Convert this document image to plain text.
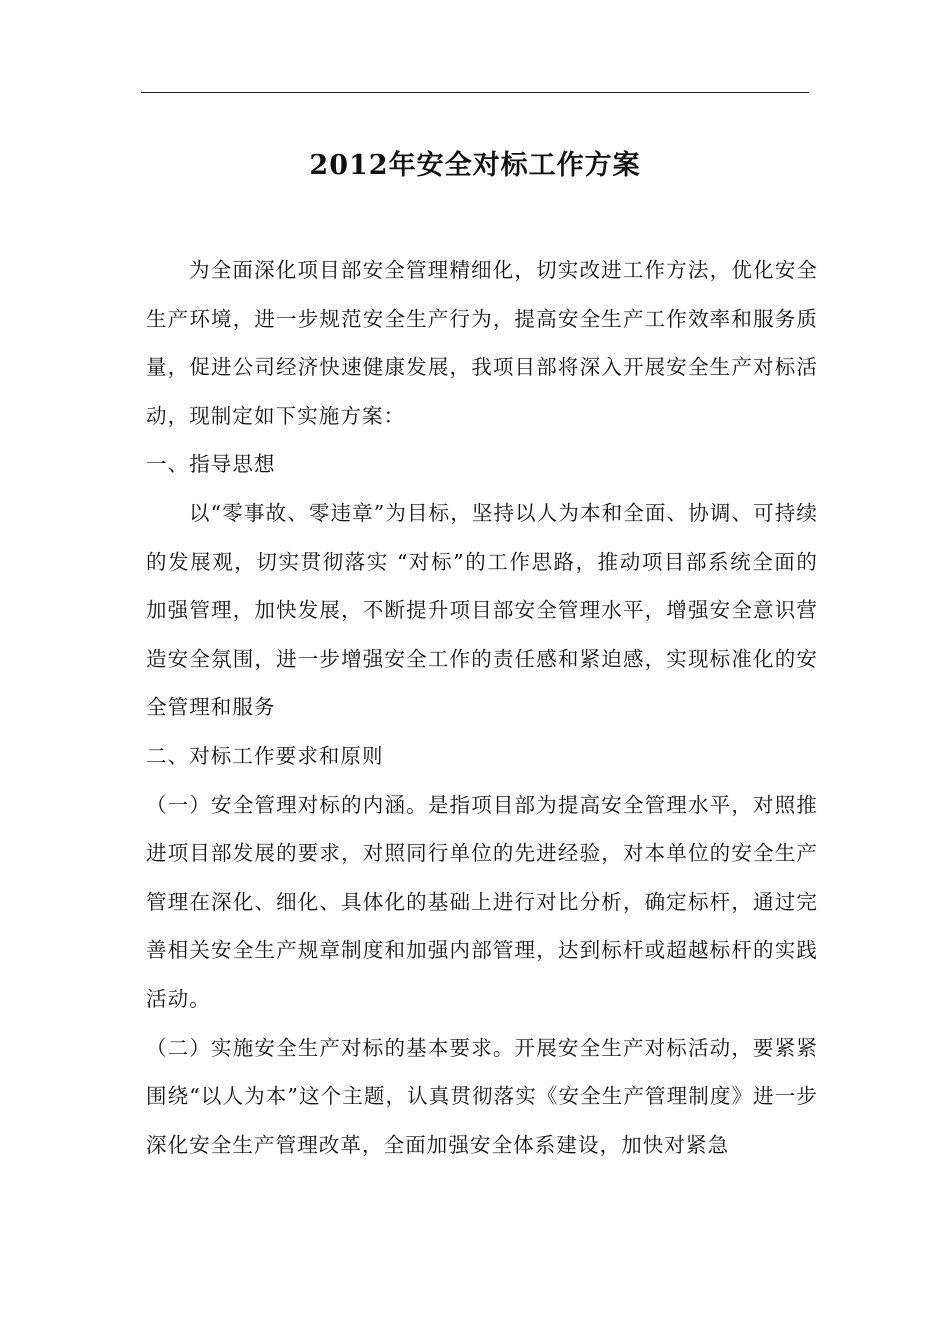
2012年安全对标工作方案

为全面深化项目部安全管理精细化，切实改进工作方法，优化安全生产环境，进一步规范安全生产行为，提高安全生产工作效率和服务质量，促进公司经济快速健康发展，我项目部将深入开展安全生产对标活动，现制定如下实施方案：

一、指导思想

以“零事故、零违章”为目标，坚持以人为本和全面、协调、可持续的发展观，切实贯彻落实 “对标”的工作思路，推动项目部系统全面的加强管理，加快发展，不断提升项目部安全管理水平，增强安全意识营造安全氛围，进一步增强安全工作的责任感和紧迫感，实现标准化的安全管理和服务

二、对标工作要求和原则

（一）安全管理对标的内涵。是指项目部为提高安全管理水平，对照推进项目部发展的要求，对照同行单位的先进经验，对本单位的安全生产管理在深化、细化、具体化的基础上进行对比分析，确定标杆，通过完善相关安全生产规章制度和加强内部管理，达到标杆或超越标杆的实践活动。

（二）实施安全生产对标的基本要求。开展安全生产对标活动，要紧紧围绕“以人为本”这个主题，认真贯彻落实《安全生产管理制度》进一步深化安全生产管理改革，全面加强安全体系建设，加快对紧急
